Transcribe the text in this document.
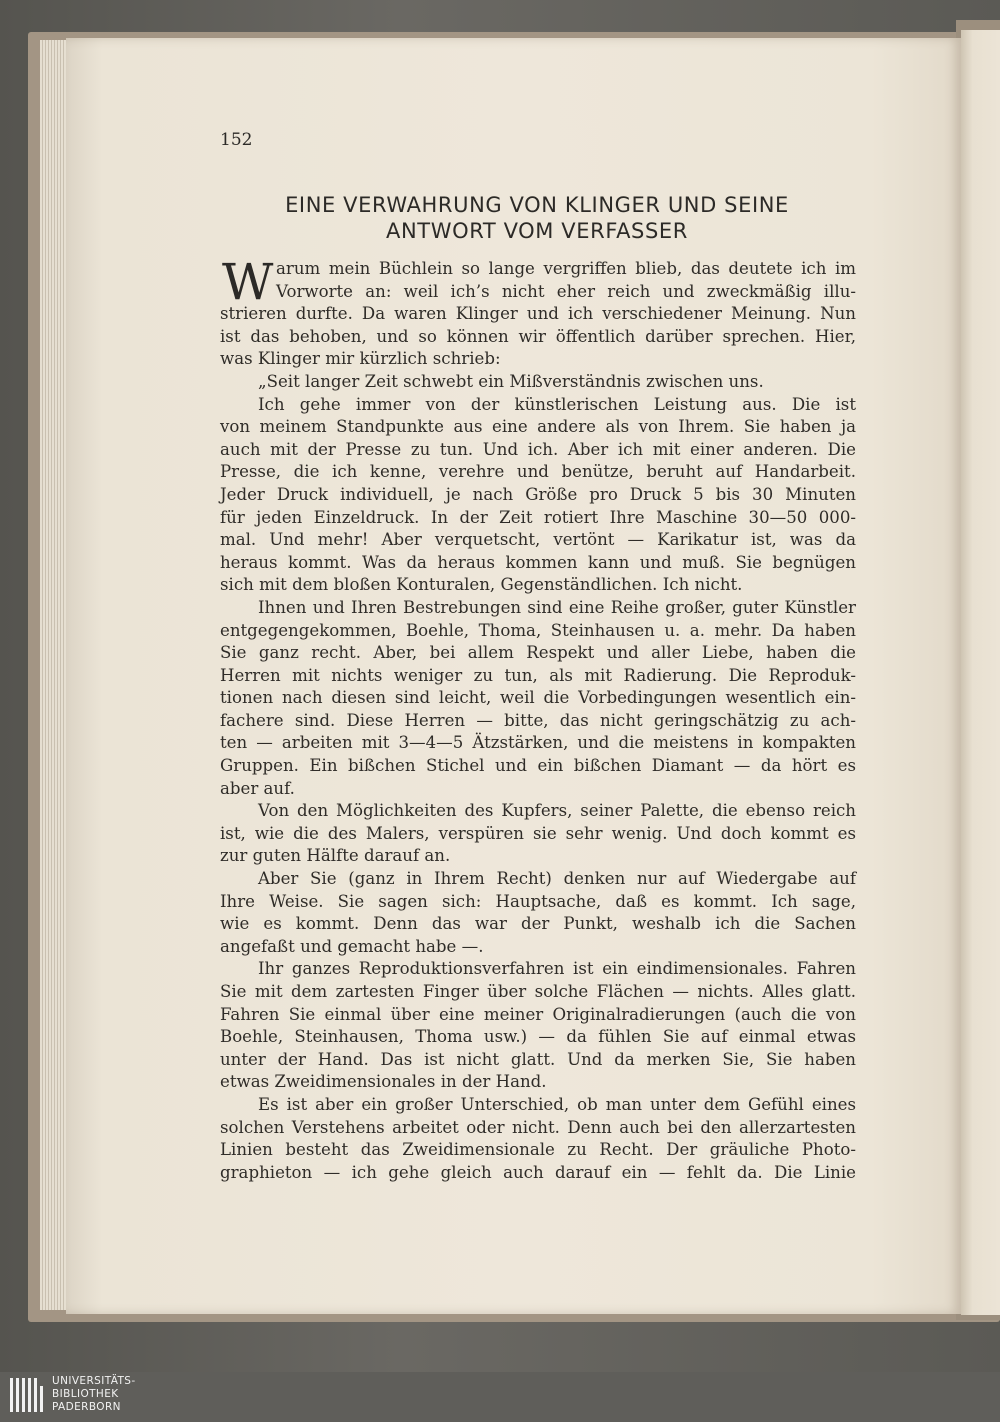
152
EINE VERWAHRUNG VON KLINGER UND SEINE
ANTWORT VOM VERFASSER
W arum mein Büchlein so lange vergriffen blieb, das deutete ich im
Vorworte an: weil ich’s nicht eher reich und zweckmäßig illu-
strieren durfte. Da waren Klinger und ich verschiedener Meinung. Nun
ist das behoben, und so können wir öffentlich darüber sprechen. Hier,
was Klinger mir kürzlich schrieb:
„Seit langer Zeit schwebt ein Mißverständnis zwischen uns.
Ich gehe immer von der künstlerischen Leistung aus. Die ist
von meinem Standpunkte aus eine andere als von Ihrem. Sie haben ja
auch mit der Presse zu tun. Und ich. Aber ich mit einer anderen. Die
Presse, die ich kenne, verehre und benütze, beruht auf Handarbeit.
Jeder Druck individuell, je nach Größe pro Druck 5 bis 30 Minuten
für jeden Einzeldruck. In der Zeit rotiert Ihre Maschine 30—50 000-
mal. Und mehr! Aber verquetscht, vertönt — Karikatur ist, was da
heraus kommt. Was da heraus kommen kann und muß. Sie begnügen
sich mit dem bloßen Konturalen, Gegenständlichen. Ich nicht.
Ihnen und Ihren Bestrebungen sind eine Reihe großer, guter Künstler
entgegengekommen, Boehle, Thoma, Steinhausen u. a. mehr. Da haben
Sie ganz recht. Aber, bei allem Respekt und aller Liebe, haben die
Herren mit nichts weniger zu tun, als mit Radierung. Die Reproduk-
tionen nach diesen sind leicht, weil die Vorbedingungen wesentlich ein-
fachere sind. Diese Herren — bitte, das nicht geringschätzig zu ach-
ten — arbeiten mit 3—4—5 Ätzstärken, und die meistens in kompakten
Gruppen. Ein bißchen Stichel und ein bißchen Diamant — da hört es
aber auf.
Von den Möglichkeiten des Kupfers, seiner Palette, die ebenso reich
ist, wie die des Malers, verspüren sie sehr wenig. Und doch kommt es
zur guten Hälfte darauf an.
Aber Sie (ganz in Ihrem Recht) denken nur auf Wiedergabe auf
Ihre Weise. Sie sagen sich: Hauptsache, daß es kommt. Ich sage,
wie es kommt. Denn das war der Punkt, weshalb ich die Sachen
angefaßt und gemacht habe —.
Ihr ganzes Reproduktionsverfahren ist ein eindimensionales. Fahren
Sie mit dem zartesten Finger über solche Flächen — nichts. Alles glatt.
Fahren Sie einmal über eine meiner Originalradierungen (auch die von
Boehle, Steinhausen, Thoma usw.) — da fühlen Sie auf einmal etwas
unter der Hand. Das ist nicht glatt. Und da merken Sie, Sie haben
etwas Zweidimensionales in der Hand.
Es ist aber ein großer Unterschied, ob man unter dem Gefühl eines
solchen Verstehens arbeitet oder nicht. Denn auch bei den allerzartesten
Linien besteht das Zweidimensionale zu Recht. Der gräuliche Photo-
graphieton — ich gehe gleich auch darauf ein — fehlt da. Die Linie
UNIVERSITÄTS-
BIBLIOTHEK
PADERBORN
